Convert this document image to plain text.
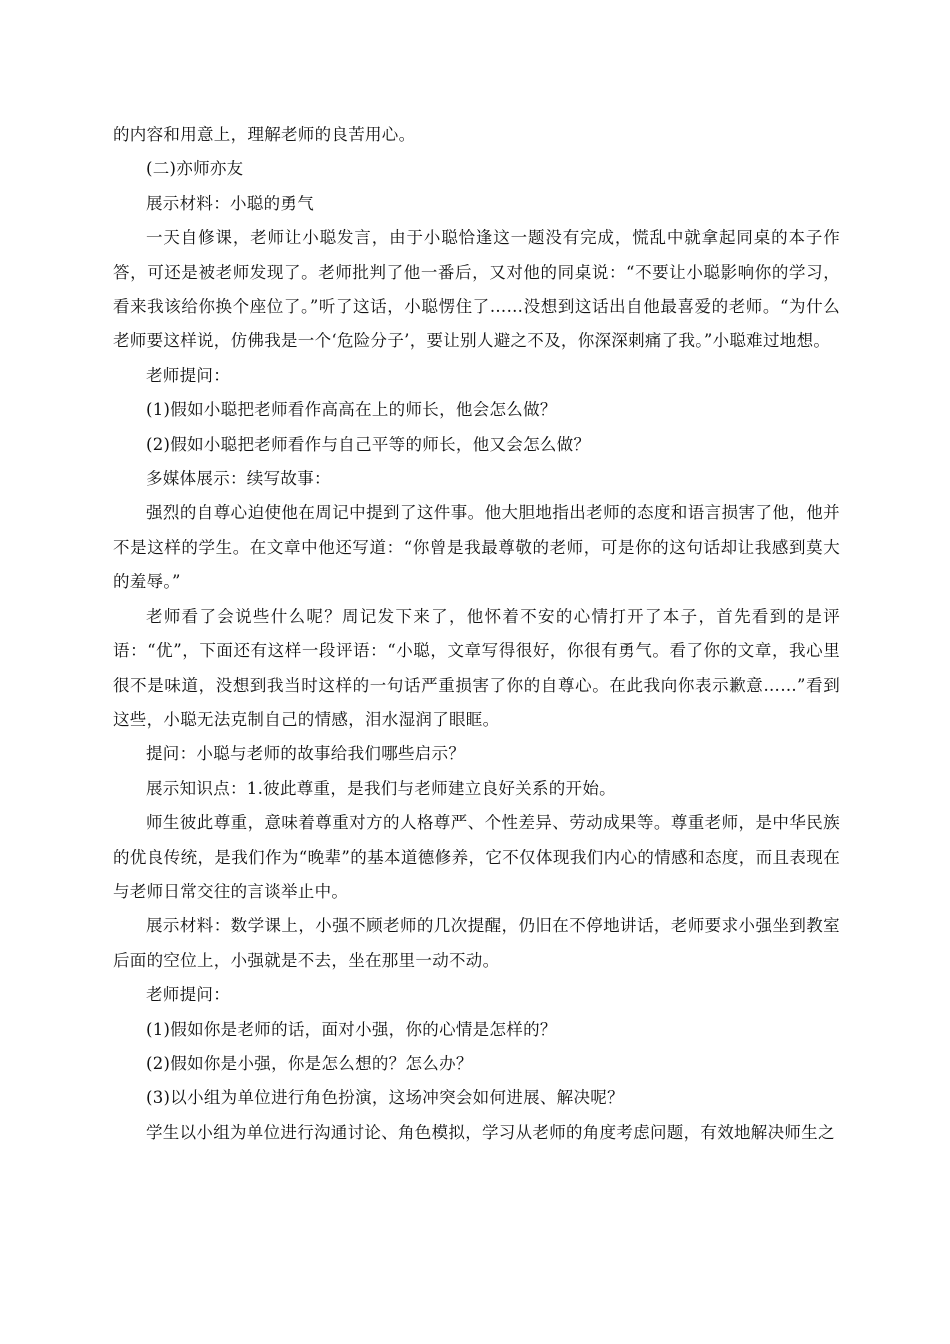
的内容和用意上，理解老师的良苦用心。

(二)亦师亦友

展示材料：小聪的勇气

一天自修课，老师让小聪发言，由于小聪恰逢这一题没有完成，慌乱中就拿起同桌的本子作答，可还是被老师发现了。老师批判了他一番后，又对他的同桌说：“不要让小聪影响你的学习，看来我该给你换个座位了。”听了这话，小聪愣住了……没想到这话出自他最喜爱的老师。“为什么老师要这样说，仿佛我是一个‘危险分子’，要让别人避之不及，你深深刺痛了我。”小聪难过地想。

老师提问：

(1)假如小聪把老师看作高高在上的师长，他会怎么做？

(2)假如小聪把老师看作与自己平等的师长，他又会怎么做？

多媒体展示：续写故事：

强烈的自尊心迫使他在周记中提到了这件事。他大胆地指出老师的态度和语言损害了他，他并不是这样的学生。在文章中他还写道：“你曾是我最尊敬的老师，可是你的这句话却让我感到莫大的羞辱。”

老师看了会说些什么呢？周记发下来了，他怀着不安的心情打开了本子，首先看到的是评语：“优”，下面还有这样一段评语：“小聪，文章写得很好，你很有勇气。看了你的文章，我心里很不是味道，没想到我当时这样的一句话严重损害了你的自尊心。在此我向你表示歉意……”看到这些，小聪无法克制自己的情感，泪水湿润了眼眶。

提问：小聪与老师的故事给我们哪些启示？

展示知识点：1.彼此尊重，是我们与老师建立良好关系的开始。

师生彼此尊重，意味着尊重对方的人格尊严、个性差异、劳动成果等。尊重老师，是中华民族的优良传统，是我们作为“晚辈”的基本道德修养，它不仅体现我们内心的情感和态度，而且表现在与老师日常交往的言谈举止中。

展示材料：数学课上，小强不顾老师的几次提醒，仍旧在不停地讲话，老师要求小强坐到教室后面的空位上，小强就是不去，坐在那里一动不动。

老师提问：

(1)假如你是老师的话，面对小强，你的心情是怎样的？

(2)假如你是小强，你是怎么想的？怎么办？

(3)以小组为单位进行角色扮演，这场冲突会如何进展、解决呢？

学生以小组为单位进行沟通讨论、角色模拟，学习从老师的角度考虑问题，有效地解决师生之
